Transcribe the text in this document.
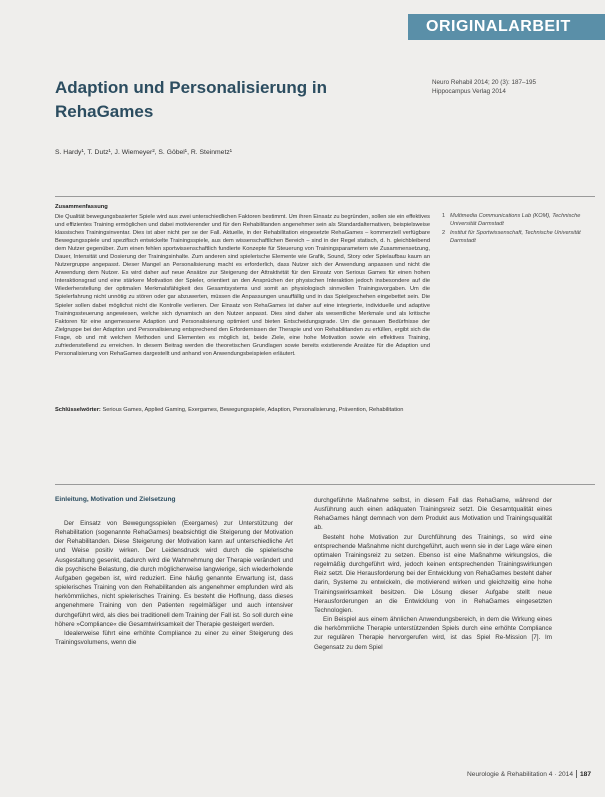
ORIGINALARBEIT
Adaption und Personalisierung in RehaGames
Neuro Rehabil 2014; 20 (3): 187–195
Hippocampus Verlag 2014
S. Hardy¹, T. Dutz¹, J. Wiemeyer², S. Göbel¹, R. Steinmetz¹
Zusammenfassung
Die Qualität bewegungsbasierter Spiele wird aus zwei unterschiedlichen Faktoren bestimmt. Um ihren Einsatz zu begründen, sollen sie ein effektives und effizientes Training ermöglichen und dabei motivierender und für den Rehabilitanden angenehmer sein als Standardalternativen, beispielsweise klassisches Trainingsinventar. Dies ist aber nicht per se der Fall. Aktuelle, in der Rehabilitation eingesetzte RehaGames – kommerziell verfügbare Bewegungsspiele und spezifisch entwickelte Trainingsspiele, aus dem wissenschaftlichen Bereich – sind in der Regel statisch, d. h. gleichbleibend dem Nutzer gegenüber. Zum einen fehlen sportwissenschaftlich fundierte Konzepte für Steuerung von Trainingsparametern wie Zusammensetzung, Dauer, Intensität und Dosierung der Trainingsinhalte. Zum anderen sind spielerische Elemente wie Grafik, Sound, Story oder Spielaufbau kaum an Nutzergruppe angepasst. Dieser Mangel an Personalisierung macht es erforderlich, dass Nutzer sich der Anwendung anpassen und nicht die Anwendung dem Nutzer. Es wird daher auf neue Ansätze zur Steigerung der Attraktivität für den Einsatz von Serious Games für einen hohen Interaktionsgrad und eine stärkere Motivation der Spieler, orientiert an den Ansprüchen der physischen Interaktion jedoch insbesondere auf die Wiederherstellung der optimalen Merkmalsfähigkeit des Gesamtsystems und somit an physiologisch sinnvollen Trainingsvorgaben. Um die Spielerfahrung nicht unnötig zu stören oder gar abzuwerten, müssen die Anpassungen unauffällig und in das Spielgeschehen eingebettet sein. Die Spieler sollen dabei möglichst nicht die Kontrolle verlieren. Der Einsatz von RehaGames ist daher auf eine integrierte, individuelle und adaptive Trainingssteuerung angewiesen, welche sich dynamisch an den Nutzer anpasst. Dies sind daher als wesentliche Merkmale und als kritische Faktoren für eine angemessene Adaption und Personalisierung optimiert und bieten Entscheidungsgrade. Um die genauen Bedürfnisse der Zielgruppe bei der Adaption und Personalisierung entsprechend den Erfordernissen der Therapie und von Rehabilitanden zu erfüllen, ergibt sich die Frage, ob und mit welchen Methoden und Elementen es möglich ist, beide Ziele, eine hohe Motivation sowie ein effektives Training, zufriedenstellend zu erreichen. In diesem Beitrag werden die theoretischen Grundlagen sowie bereits existierende Ansätze für die Adaption und Personalisierung von RehaGames dargestellt und anhand von Anwendungsbeispielen erläutert.
Schlüsselwörter: Serious Games, Applied Gaming, Exergames, Bewegungsspiele, Adaption, Personalisierung, Prävention, Rehabilitation
1 Multimedia Communications Lab (KOM), Technische Universität Darmstadt
2 Institut für Sportwissenschaft, Technische Universität Darmstadt
Einleitung, Motivation und Zielsetzung

Der Einsatz von Bewegungsspielen (Exergames) zur Unterstützung der Rehabilitation (sogenannte RehaGames) beabsichtigt die Steigerung der Motivation der Rehabilitanden. Diese Steigerung der Motivation kann auf unterschiedliche Art und Weise positiv wirken. Der Leidensdruck wird durch die spielerische Ausgestaltung gesenkt, dadurch wird die Wahrnehmung der Therapie verändert und die psychische Belastung, die durch möglicherweise langwierige, sich wiederholende Aufgaben gegeben ist, wird reduziert. Eine häufig genannte Erwartung ist, dass spielerisches Training von den Rehabilitanden als angenehmer empfunden wird als herkömmliches, nicht spielerisches Training. Es besteht die Hoffnung, dass dieses angenehmere Training von den Patienten regelmäßiger und auch intensiver durchgeführt wird, als dies bei traditionell dem Training der Fall ist. So soll durch eine höhere »Compliance« die Gesamtwirksamkeit der Therapie gesteigert werden.

Idealerweise führt eine erhöhte Compliance zu einer zu einer Steigerung des Trainingsvolumens, wenn die

durchgeführte Maßnahme selbst, in diesem Fall das RehaGame, während der Ausführung auch einen adäquaten Trainingsreiz setzt. Die Gesamtqualität eines RehaGames hängt demnach von dem Produkt aus Motivation und Trainingsqualität ab.

Besteht hohe Motivation zur Durchführung des Trainings, so wird eine entsprechende Maßnahme nicht durchgeführt, auch wenn sie in der Lage wäre einen optimalen Trainingsreiz zu setzen. Ebenso ist eine Maßnahme wirkungslos, die regelmäßig durchgeführt wird, jedoch keinen entsprechenden Trainingswirkungen Reiz setzt. Die Herausforderung bei der Entwicklung von RehaGames besteht daher darin, Systeme zu entwickeln, die motivierend wirken und gleichzeitig eine hohe Trainingswirksamkeit besitzen. Die Lösung dieser Aufgabe stellt neue Herausforderungen an die Entwicklung von in RehaGames eingesetzten Technologien.

Ein Beispiel aus einem ähnlichen Anwendungsbereich, in dem die Wirkung eines die herkömmliche Therapie unterstützenden Spiels durch eine erhöhte Compliance zur regulären Therapie hervorgerufen wird, ist das Spiel Re-Mission [7]. Im Gegensatz zu dem Spiel

Neurologie & Rehabilitation 4 · 2014 187
